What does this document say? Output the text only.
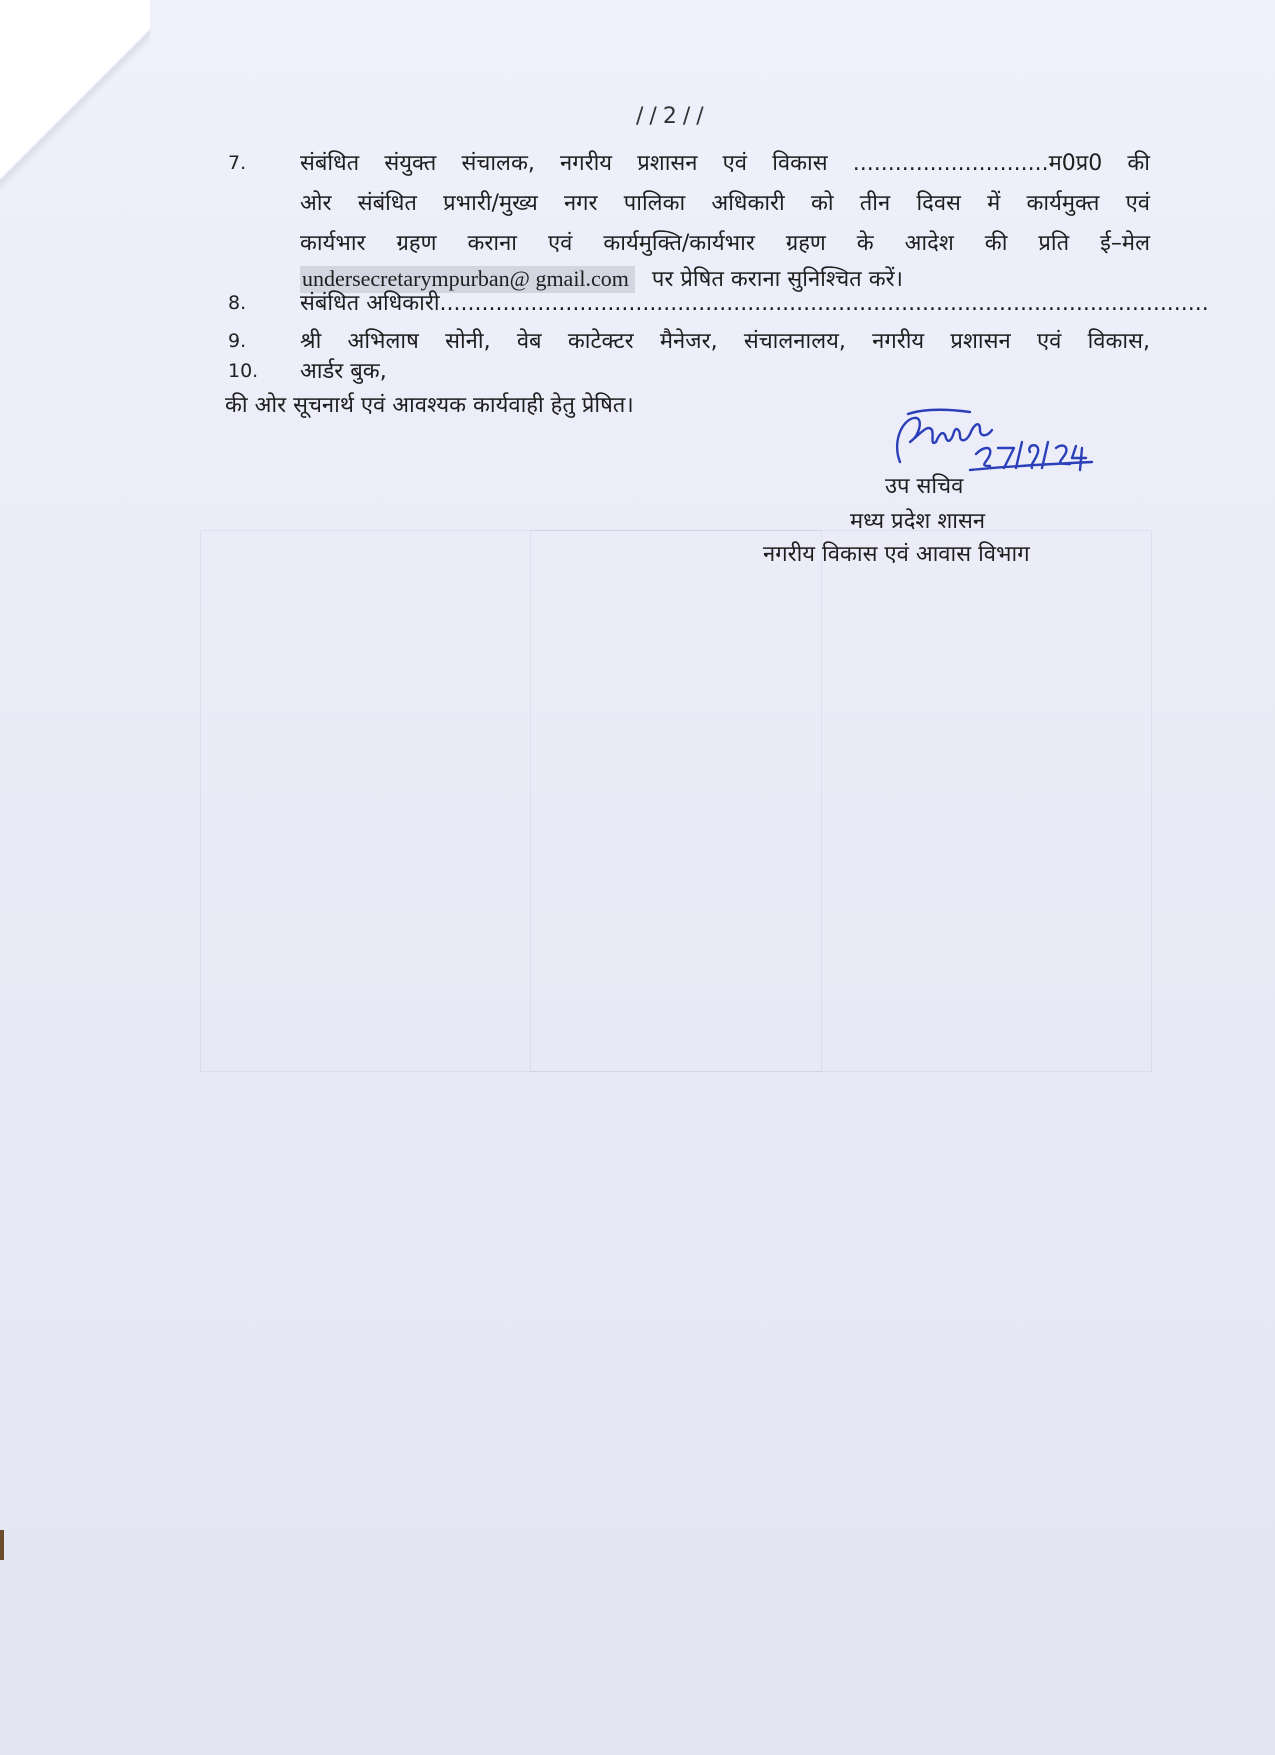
//2//
7. संबंधित संयुक्त संचालक, नगरीय प्रशासन एवं विकास ............................म0प्र0 की
ओर संबंधित प्रभारी/मुख्य नगर पालिका अधिकारी को तीन दिवस में कार्यमुक्त एवं
कार्यभार ग्रहण कराना एवं कार्यमुक्ति/कार्यभार ग्रहण के आदेश की प्रति ई–मेल
undersecretarympurban@ gmail.com पर प्रेषित कराना सुनिश्चित करें।
8. संबंधित अधिकारी..............................................................................................................
9. श्री अभिलाष सोनी, वेब काटेक्टर मैनेजर, संचालनालय, नगरीय प्रशासन एवं विकास,
10. आर्डर बुक,
की ओर सूचनार्थ एवं आवश्यक कार्यवाही हेतु प्रेषित।
उप सचिव
मध्य प्रदेश शासन
नगरीय विकास एवं आवास विभाग
